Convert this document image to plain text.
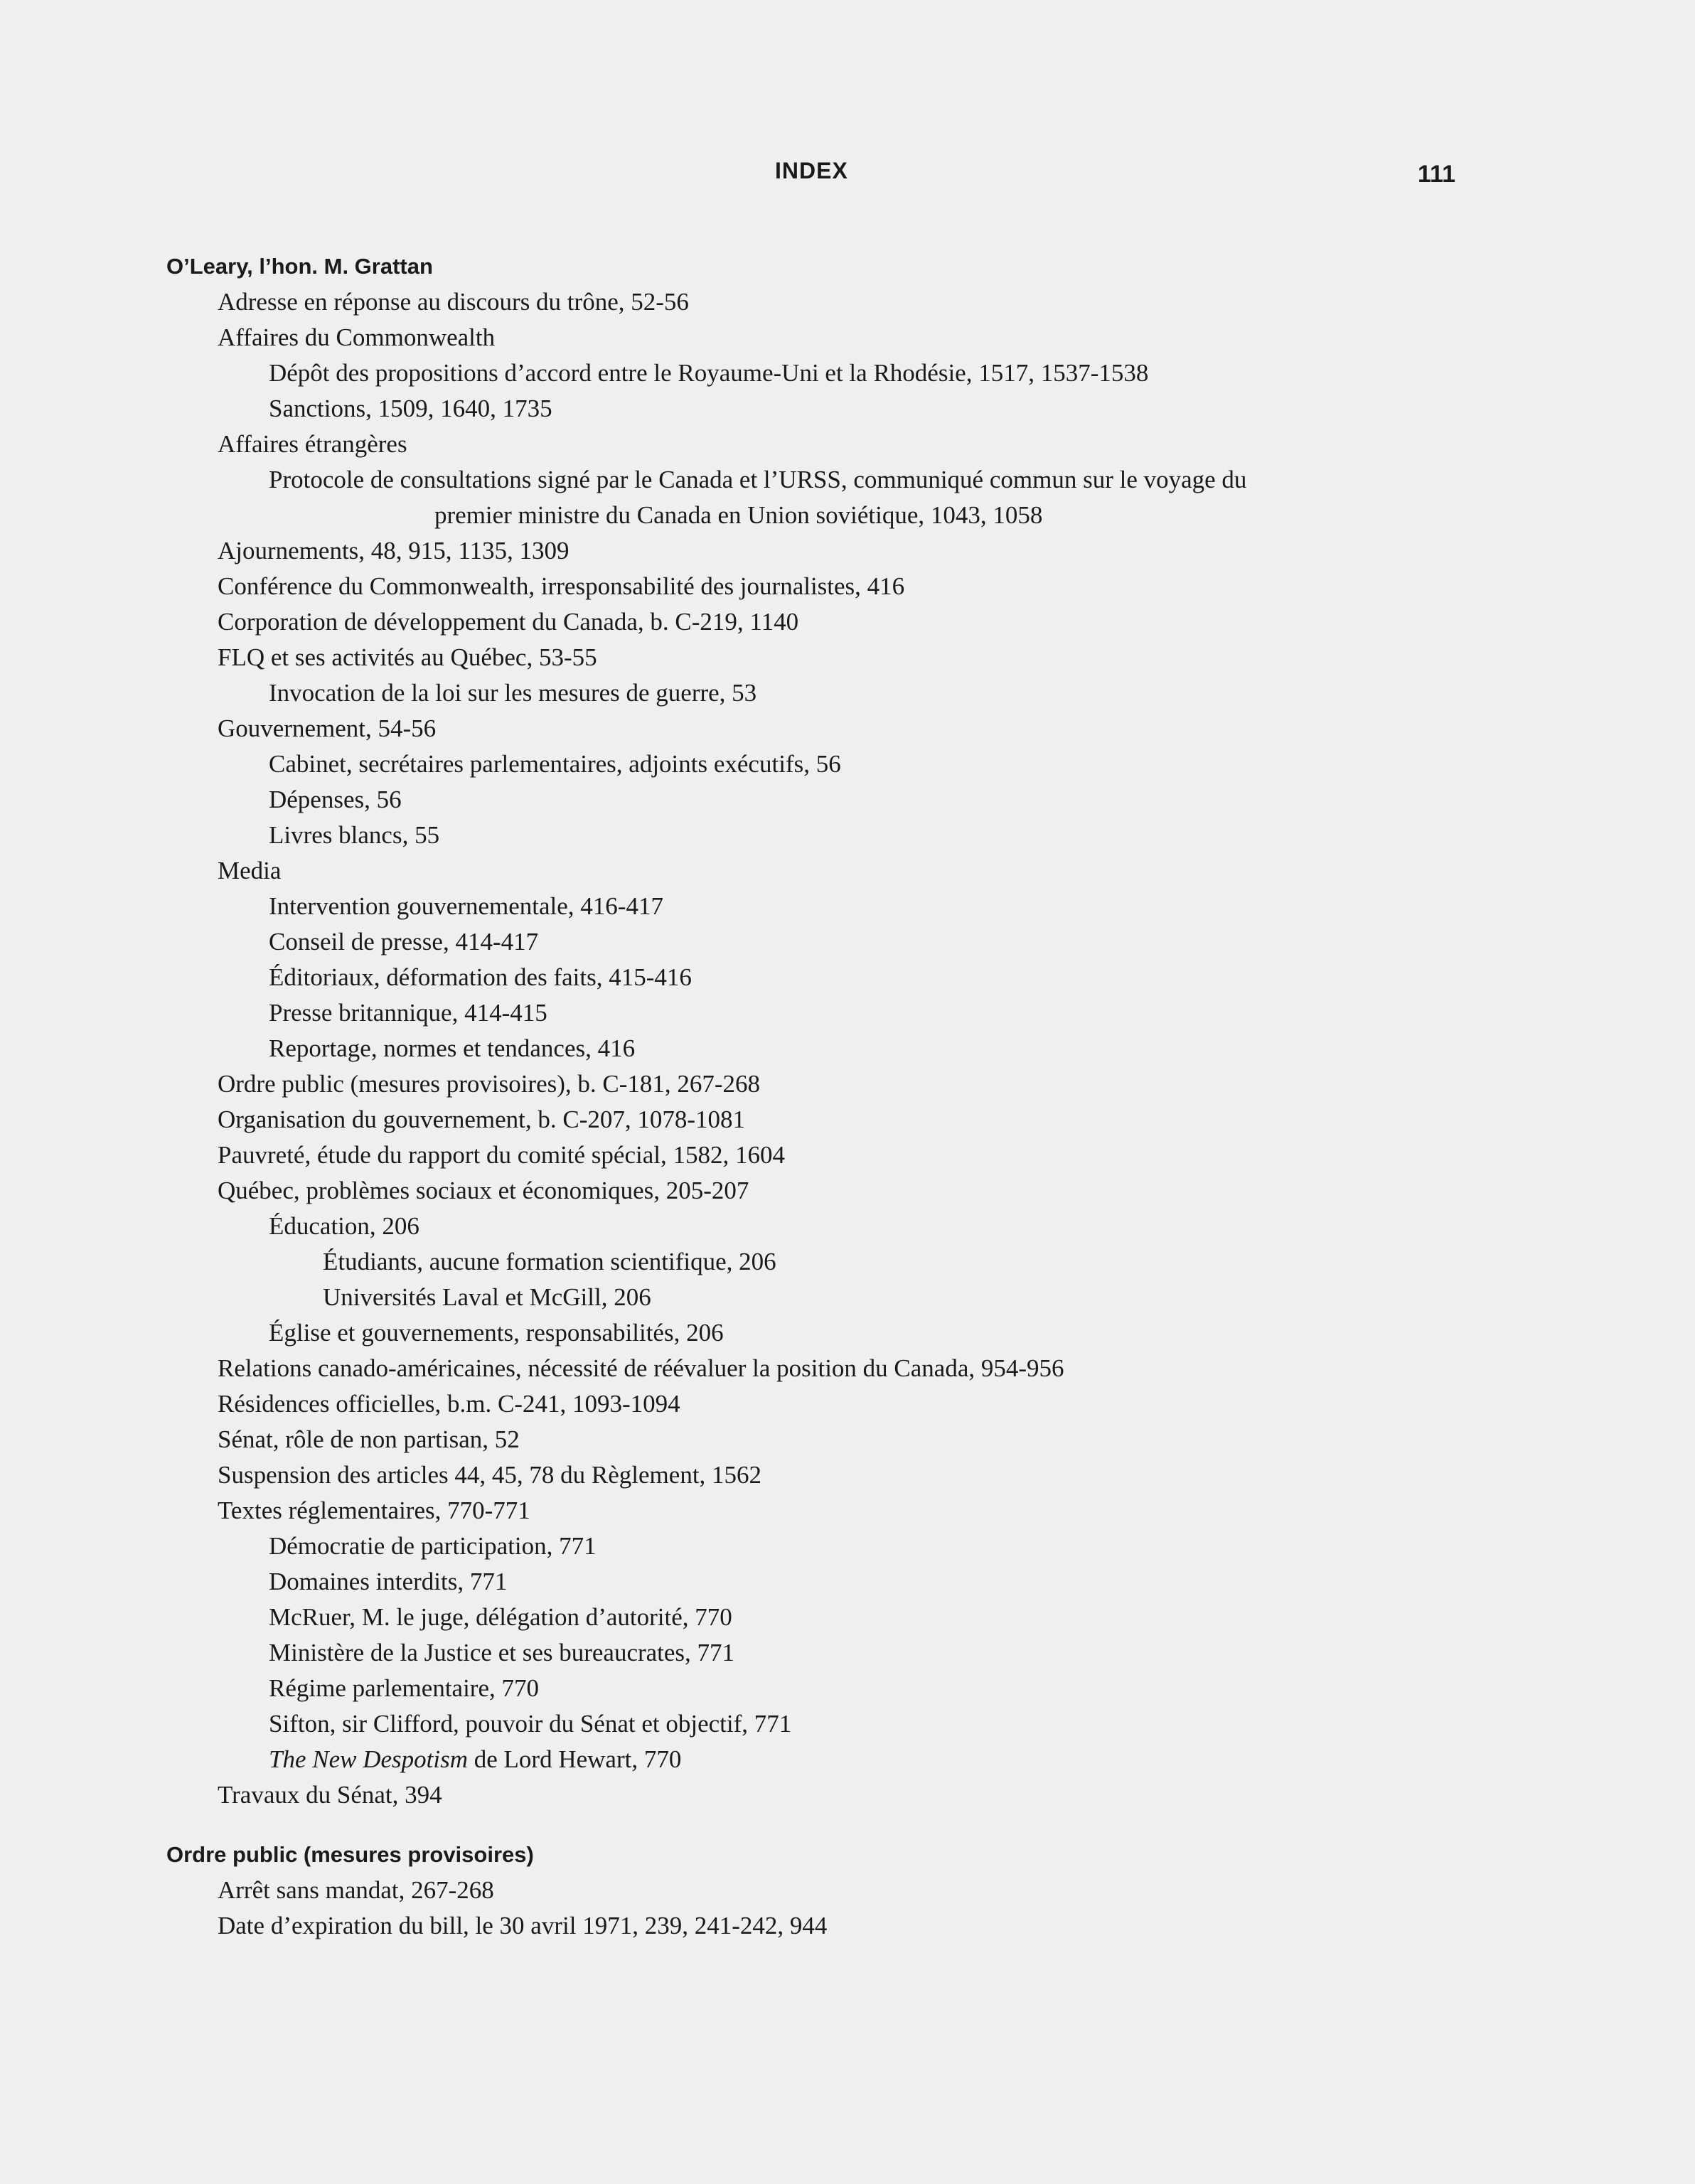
INDEX	111
O’Leary, l’hon. M. Grattan
Adresse en réponse au discours du trône, 52-56
Affaires du Commonwealth
Dépôt des propositions d’accord entre le Royaume-Uni et la Rhodésie, 1517, 1537-1538
Sanctions, 1509, 1640, 1735
Affaires étrangères
Protocole de consultations signé par le Canada et l’URSS, communiqué commun sur le voyage du
premier ministre du Canada en Union soviétique, 1043, 1058
Ajournements, 48, 915, 1135, 1309
Conférence du Commonwealth, irresponsabilité des journalistes, 416
Corporation de développement du Canada, b. C-219, 1140
FLQ et ses activités au Québec, 53-55
Invocation de la loi sur les mesures de guerre, 53
Gouvernement, 54-56
Cabinet, secrétaires parlementaires, adjoints exécutifs, 56
Dépenses, 56
Livres blancs, 55
Media
Intervention gouvernementale, 416-417
Conseil de presse, 414-417
Éditoriaux, déformation des faits, 415-416
Presse britannique, 414-415
Reportage, normes et tendances, 416
Ordre public (mesures provisoires), b. C-181, 267-268
Organisation du gouvernement, b. C-207, 1078-1081
Pauvreté, étude du rapport du comité spécial, 1582, 1604
Québec, problèmes sociaux et économiques, 205-207
Éducation, 206
Étudiants, aucune formation scientifique, 206
Universités Laval et McGill, 206
Église et gouvernements, responsabilités, 206
Relations canado-américaines, nécessité de réévaluer la position du Canada, 954-956
Résidences officielles, b.m. C-241, 1093-1094
Sénat, rôle de non partisan, 52
Suspension des articles 44, 45, 78 du Règlement, 1562
Textes réglementaires, 770-771
Démocratie de participation, 771
Domaines interdits, 771
McRuer, M. le juge, délégation d’autorité, 770
Ministère de la Justice et ses bureaucrates, 771
Régime parlementaire, 770
Sifton, sir Clifford, pouvoir du Sénat et objectif, 771
The New Despotism de Lord Hewart, 770
Travaux du Sénat, 394
Ordre public (mesures provisoires)
Arrêt sans mandat, 267-268
Date d’expiration du bill, le 30 avril 1971, 239, 241-242, 944
